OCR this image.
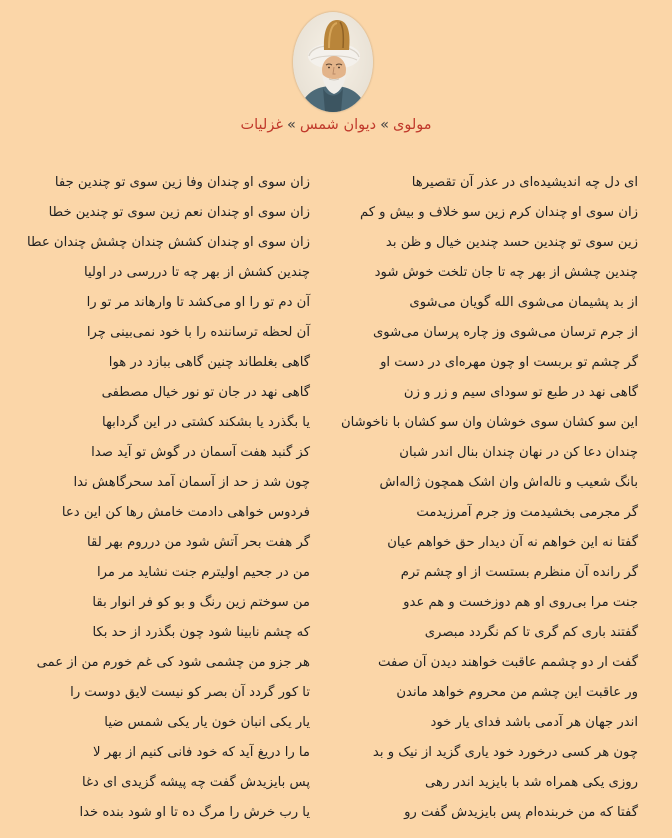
مولوی»دیوان شمس»غزلیات
ای دل چه اندیشیده‌ای در عذر آن تقصیرها
زان سوی او چندان وفا زین سوی تو چندین جفا
زان سوی او چندان کرم زین سو خلاف و بیش و کم
زان سوی او چندان نعم زین سوی تو چندین خطا
زین سوی تو چندین حسد چندین خیال و ظن بد
زان سوی او چندان کشش چندان چشش چندان عطا
چندین چشش از بهر چه تا جان تلخت خوش شود
چندین کشش از بهر چه تا دررسی در اولیا
از بد پشیمان می‌شوی الله گویان می‌شوی
آن دم تو را او می‌کشد تا وارهاند مر تو را
از جرم ترسان می‌شوی وز چاره پرسان می‌شوی
آن لحظه ترساننده را با خود نمی‌بینی چرا
گر چشم تو بربست او چون مهره‌ای در دست او
گاهی بغلطاند چنین گاهی ببازد در هوا
گاهی نهد در طبع تو سودای سیم و زر و زن
گاهی نهد در جان تو نور خیال مصطفی
این سو کشان سوی خوشان وان سو کشان با ناخوشان
یا بگذرد یا بشکند کشتی در این گردابها
چندان دعا کن در نهان چندان بنال اندر شبان
کز گنبد هفت آسمان در گوش تو آید صدا
بانگ شعیب و ناله‌اش وان اشک همچون ژاله‌اش
چون شد ز حد از آسمان آمد سحرگاهش ندا
گر مجرمی بخشیدمت وز جرم آمرزیدمت
فردوس خواهی دادمت خامش رها کن این دعا
گفتا نه این خواهم نه آن دیدار حق خواهم عیان
گر هفت بحر آتش شود من درروم بهر لقا
گر رانده آن منظرم بستست از او چشم ترم
من در جحیم اولیترم جنت نشاید مر مرا
جنت مرا بی‌روی او هم دوزخست و هم عدو
من سوختم زین رنگ و بو کو فر انوار بقا
گفتند باری کم گری تا کم نگردد مبصری
که چشم نابینا شود چون بگذرد از حد بکا
گفت ار دو چشمم عاقبت خواهند دیدن آن صفت
هر جزو من چشمی شود کی غم خورم من از عمی
ور عاقبت این چشم من محروم خواهد ماندن
تا کور گردد آن بصر کو نیست لایق دوست را
اندر جهان هر آدمی باشد فدای یار خود
یار یکی انبان خون یار یکی شمس ضیا
چون هر کسی درخورد خود یاری گزید از نیک و بد
ما را دریغ آید که خود فانی کنیم از بهر لا
روزی یکی همراه شد با بایزید اندر رهی
پس بایزیدش گفت چه پیشه گزیدی ای دغا
گفتا که من خربنده‌ام پس بایزیدش گفت رو
یا رب خرش را مرگ ده تا او شود بنده خدا
